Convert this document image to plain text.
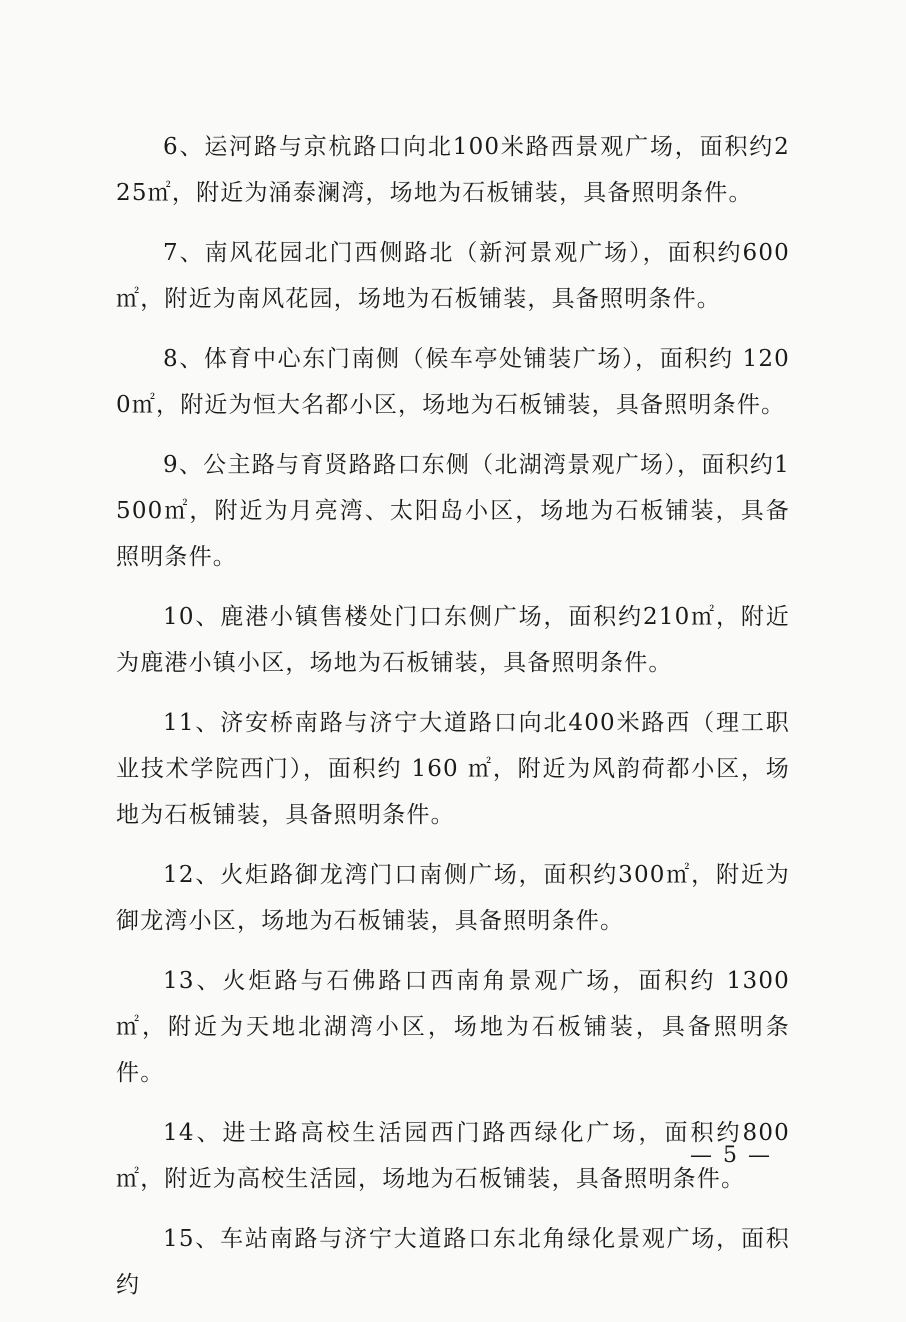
6、运河路与京杭路口向北100米路西景观广场，面积约225㎡，附近为涌泰澜湾，场地为石板铺装，具备照明条件。

7、南风花园北门西侧路北（新河景观广场），面积约600㎡，附近为南风花园，场地为石板铺装，具备照明条件。

8、体育中心东门南侧（候车亭处铺装广场），面积约 1200㎡，附近为恒大名都小区，场地为石板铺装，具备照明条件。

9、公主路与育贤路路口东侧（北湖湾景观广场），面积约1500㎡，附近为月亮湾、太阳岛小区，场地为石板铺装，具备照明条件。

10、鹿港小镇售楼处门口东侧广场，面积约210㎡，附近为鹿港小镇小区，场地为石板铺装，具备照明条件。

11、济安桥南路与济宁大道路口向北400米路西（理工职业技术学院西门），面积约 160 ㎡，附近为风韵荷都小区，场地为石板铺装，具备照明条件。

12、火炬路御龙湾门口南侧广场，面积约300㎡，附近为御龙湾小区，场地为石板铺装，具备照明条件。

13、火炬路与石佛路口西南角景观广场，面积约 1300 ㎡，附近为天地北湖湾小区，场地为石板铺装，具备照明条件。

14、进士路高校生活园西门路西绿化广场，面积约800㎡，附近为高校生活园，场地为石板铺装，具备照明条件。

15、车站南路与济宁大道路口东北角绿化景观广场，面积约

— 5 —
